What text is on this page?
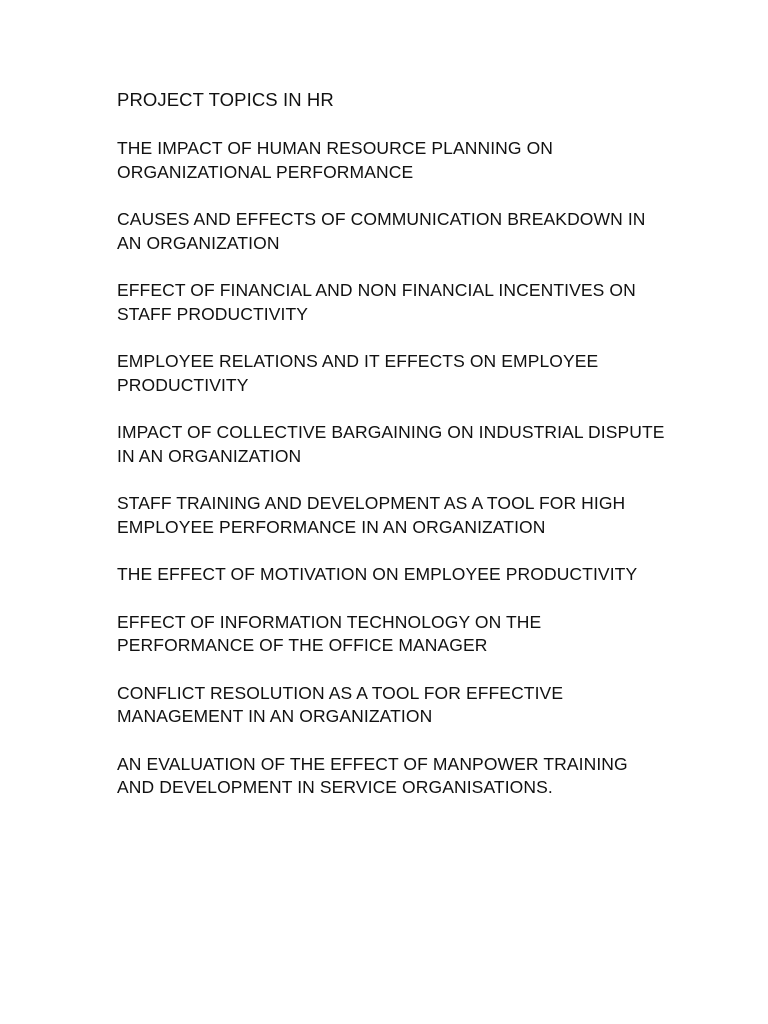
PROJECT TOPICS IN HR
THE IMPACT OF HUMAN RESOURCE PLANNING ON
ORGANIZATIONAL PERFORMANCE
CAUSES AND EFFECTS OF COMMUNICATION BREAKDOWN IN
AN ORGANIZATION
EFFECT OF FINANCIAL AND NON FINANCIAL INCENTIVES ON
STAFF PRODUCTIVITY
EMPLOYEE RELATIONS AND IT EFFECTS ON EMPLOYEE
PRODUCTIVITY
IMPACT OF COLLECTIVE BARGAINING ON INDUSTRIAL DISPUTE
IN AN ORGANIZATION
STAFF TRAINING AND DEVELOPMENT AS A TOOL FOR HIGH
EMPLOYEE PERFORMANCE IN AN ORGANIZATION
THE EFFECT OF MOTIVATION ON EMPLOYEE PRODUCTIVITY
EFFECT OF INFORMATION TECHNOLOGY ON THE
PERFORMANCE OF THE OFFICE MANAGER
CONFLICT RESOLUTION AS A TOOL FOR EFFECTIVE
MANAGEMENT IN AN ORGANIZATION
AN EVALUATION OF THE EFFECT OF MANPOWER TRAINING
AND DEVELOPMENT IN SERVICE ORGANISATIONS.
